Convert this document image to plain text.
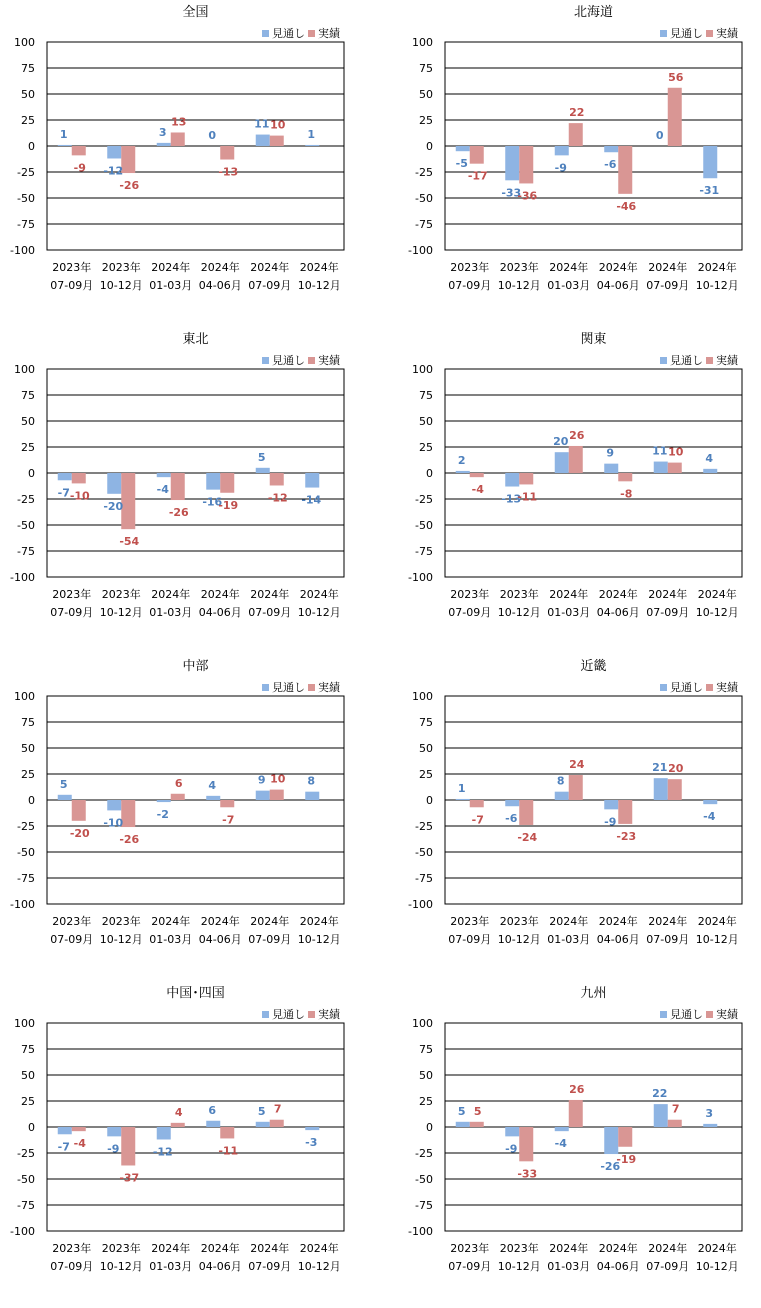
全国
見通し 実績
100
75
50
25
0
-25
-50
-75
-100
1
-12
3	0
11
1
-9
-26
13
-13
10
2023年
07-09月
2023年
10-12月
2024年
01-03月
2024年
04-06月
2024年
07-09月
2024年
10-12月
北海道
見通し 実績
100
75
50
25
0
-25
-50
-75
-100
-5
-33
-9	-6
0
-31
-17
-36
22
-46
56
2023年
07-09月
2023年
10-12月
2024年
01-03月
2024年
04-06月
2024年
07-09月
2024年
10-12月
東北
見通し 実績
100
75
50
25
0
-25
-50
-75
-100
-7
-20
-4
-16
5
-14
-10
-54
-26
-19
-12
2023年
07-09月
2023年
10-12月
2024年
01-03月
2024年
04-06月
2024年
07-09月
2024年
10-12月
関東
見通し 実績
100
75
50
25
0
-25
-50
-75
-100
2
-13
20
9	11
4
-4
-11
26
-8
10
2023年
07-09月
2023年
10-12月
2024年
01-03月
2024年
04-06月
2024年
07-09月
2024年
10-12月
中部
見通し 実績
100
75
50
25
0
-25
-50
-75
-100
5
-10
-2
4	9	8
-20	-26
6
-7
10
2023年
07-09月
2023年
10-12月
2024年
01-03月
2024年
04-06月
2024年
07-09月
2024年
10-12月
近畿
見通し 実績
100
75
50
25
0
-25
-50
-75
-100
1
-6
8
-9
21
-4
-7
-24
24
-23
20
2023年
07-09月
2023年
10-12月
2024年
01-03月
2024年
04-06月
2024年
07-09月
2024年
10-12月
中国･四国
見通し 実績
100
75
50
25
0
-25
-50
-75
-100
-7	-9	-12
6	5
-3
-4
-37
4
-11
7
2023年
07-09月
2023年
10-12月
2024年
01-03月
2024年
04-06月
2024年
07-09月
2024年
10-12月
九州
見通し 実績
100
75
50
25
0
-25
-50
-75
-100
5
-9	-4
-26
22
3
5
-33
26
-19
7
2023年
07-09月
2023年
10-12月
2024年
01-03月
2024年
04-06月
2024年
07-09月
2024年
10-12月
